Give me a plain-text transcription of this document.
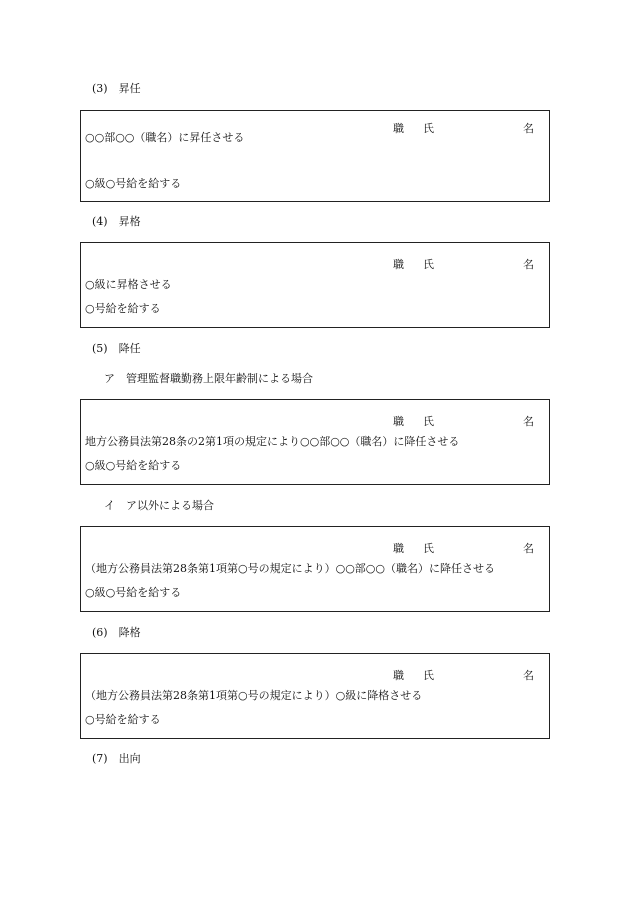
(3)　昇任
職 氏	名
○○部○○（職名）に昇任させる
○級○号給を給する
(4)　昇格
職 氏	名
○級に昇格させる
○号給を給する
(5)　降任
ア　管理監督職勤務上限年齢制による場合
職 氏	名
地方公務員法第28条の2第1項の規定により○○部○○（職名）に降任させる
○級○号給を給する
イ　ア以外による場合
職 氏	名
（地方公務員法第28条第1項第○号の規定により）○○部○○（職名）に降任させる
○級○号給を給する
(6)　降格
職 氏	名
（地方公務員法第28条第1項第○号の規定により）○級に降格させる
○号給を給する
(7)　出向
